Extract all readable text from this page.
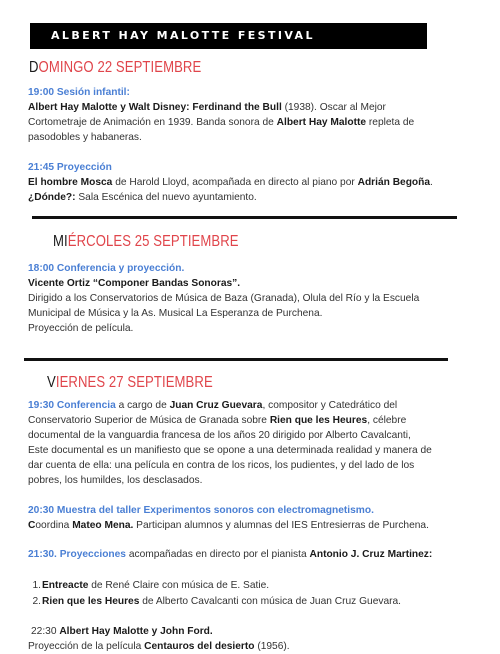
ALBERT HAY MALOTTE FESTIVAL
DOMINGO 22 SEPTIEMBRE
19:00 Sesión infantil:
Albert Hay Malotte y Walt Disney: Ferdinand the Bull (1938). Oscar al Mejor
Cortometraje de Animación en 1939. Banda sonora de Albert Hay Malotte repleta de
pasodobles y habaneras.
21:45 Proyección
El hombre Mosca de Harold Lloyd, acompañada en directo al piano por Adrián Begoña.
¿Dónde?: Sala Escénica del nuevo ayuntamiento.
MIÉRCOLES 25 SEPTIEMBRE
18:00 Conferencia y proyección.
Vicente Ortiz “Componer Bandas Sonoras”.
Dirigido a los Conservatorios de Música de Baza (Granada), Olula del Río y la Escuela
Municipal de Música y la As. Musical La Esperanza de Purchena.
Proyección de película.
VIERNES 27 SEPTIEMBRE
19:30 Conferencia a cargo de Juan Cruz Guevara, compositor y Catedrático del
Conservatorio Superior de Música de Granada sobre Rien que les Heures, célebre
documental de la vanguardia francesa de los años 20 dirigido por Alberto Cavalcanti,
Este documental es un manifiesto que se opone a una determinada realidad y manera de
dar cuenta de ella: una película en contra de los ricos, los pudientes, y del lado de los
pobres, los humildes, los desclasados.
20:30 Muestra del taller Experimentos sonoros con electromagnetismo.
Coordina Mateo Mena. Participan alumnos y alumnas del IES Entresierras de Purchena.
21:30. Proyecciones acompañadas en directo por el pianista Antonio J. Cruz Martinez:
1.Entreacte de René Claire con música de E. Satie.
2.Rien que les Heures de Alberto Cavalcanti con música de Juan Cruz Guevara.
22:30 Albert Hay Malotte y John Ford.
Proyección de la película Centauros del desierto (1956).
